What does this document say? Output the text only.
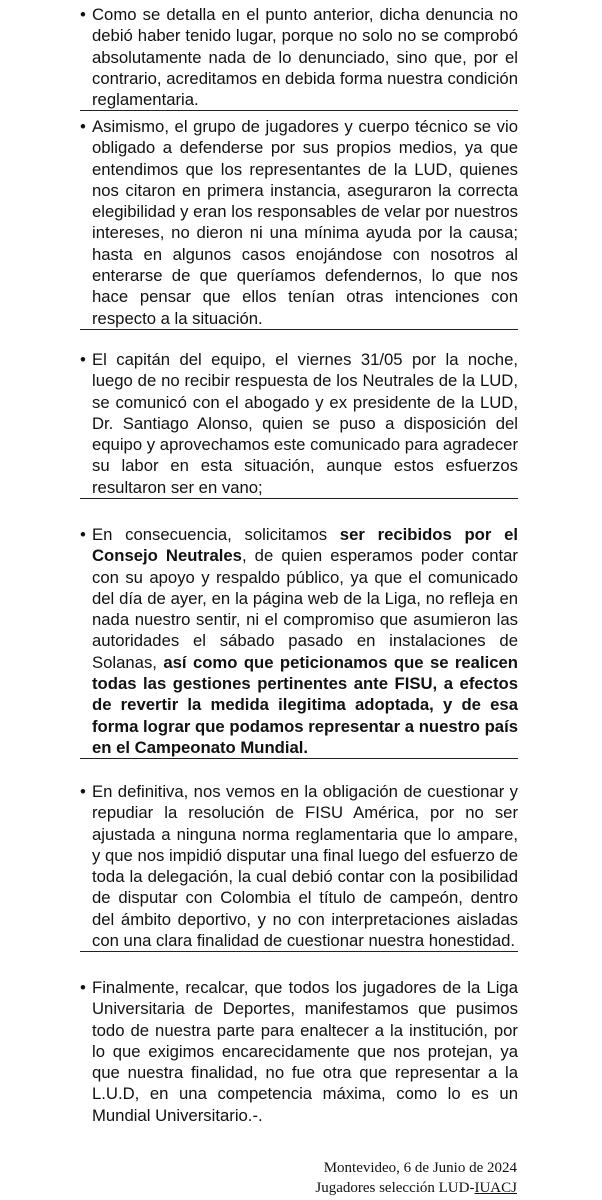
• Como se detalla en el punto anterior, dicha denuncia no debió haber tenido lugar, porque no solo no se comprobó absolutamente nada de lo denunciado, sino que, por el contrario, acreditamos en debida forma nuestra condición reglamentaria.

• Asimismo, el grupo de jugadores y cuerpo técnico se vio obligado a defenderse por sus propios medios, ya que entendimos que los representantes de la LUD, quienes nos citaron en primera instancia, aseguraron la correcta elegibilidad y eran los responsables de velar por nuestros intereses, no dieron ni una mínima ayuda por la causa; hasta en algunos casos enojándose con nosotros al enterarse de que queríamos defendernos, lo que nos hace pensar que ellos tenían otras intenciones con respecto a la situación.

• El capitán del equipo, el viernes 31/05 por la noche, luego de no recibir respuesta de los Neutrales de la LUD, se comunicó con el abogado y ex presidente de la LUD, Dr. Santiago Alonso, quien se puso a disposición del equipo y aprovechamos este comunicado para agradecer su labor en esta situación, aunque estos esfuerzos resultaron ser en vano;

• En consecuencia, solicitamos ser recibidos por el Consejo Neutrales, de quien esperamos poder contar con su apoyo y respaldo público, ya que el comunicado del día de ayer, en la página web de la Liga, no refleja en nada nuestro sentir, ni el compromiso que asumieron las autoridades el sábado pasado en instalaciones de Solanas, así como que peticionamos que se realicen todas las gestiones pertinentes ante FISU, a efectos de revertir la medida ilegitima adoptada, y de esa forma lograr que podamos representar a nuestro país en el Campeonato Mundial.

• En definitiva, nos vemos en la obligación de cuestionar y repudiar la resolución de FISU América, por no ser ajustada a ninguna norma reglamentaria que lo ampare, y que nos impidió disputar una final luego del esfuerzo de toda la delegación, la cual debió contar con la posibilidad de disputar con Colombia el título de campeón, dentro del ámbito deportivo, y no con interpretaciones aisladas con una clara finalidad de cuestionar nuestra honestidad.

• Finalmente, recalcar, que todos los jugadores de la Liga Universitaria de Deportes, manifestamos que pusimos todo de nuestra parte para enaltecer a la institución, por lo que exigimos encarecidamente que nos protejan, ya que nuestra finalidad, no fue otra que representar a la L.U.D, en una competencia máxima, como lo es un Mundial Universitario.-.

Montevideo, 6 de Junio de 2024
Jugadores selección LUD-IUACJ
